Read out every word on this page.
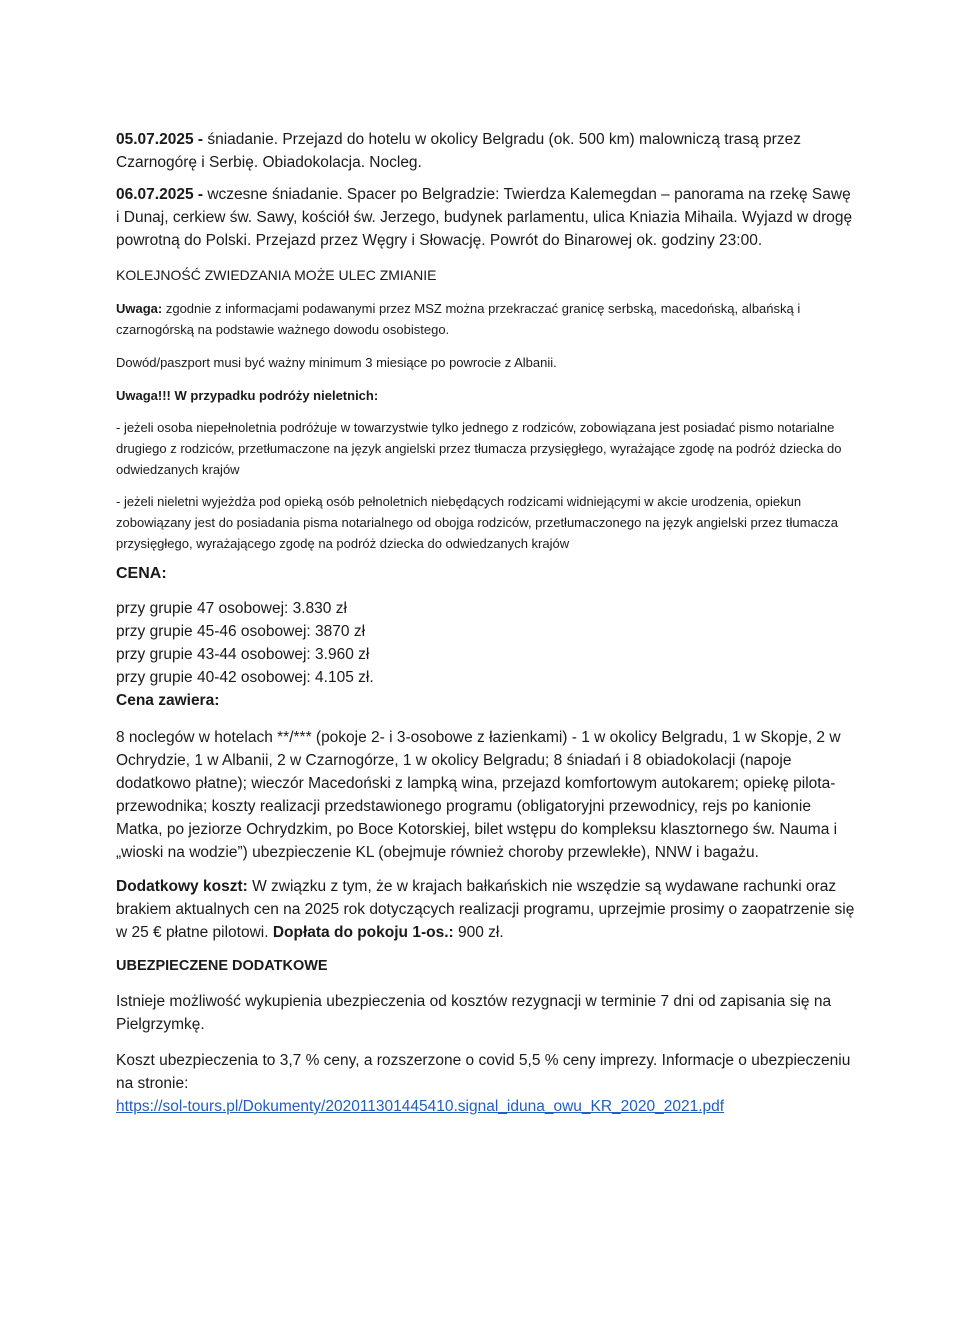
05.07.2025 - śniadanie. Przejazd do hotelu w okolicy Belgradu (ok. 500 km) malowniczą trasą przez Czarnogórę i Serbię. Obiadokolacja. Nocleg.

06.07.2025 - wczesne śniadanie. Spacer po Belgradzie: Twierdza Kalemegdan – panorama na rzekę Sawę i Dunaj, cerkiew św. Sawy, kościół św. Jerzego, budynek parlamentu, ulica Kniazia Mihaila. Wyjazd w drogę powrotną do Polski. Przejazd przez Węgry i Słowację. Powrót do Binarowej ok. godziny 23:00.

KOLEJNOŚĆ ZWIEDZANIA MOŻE ULEC ZMIANIE

Uwaga: zgodnie z informacjami podawanymi przez MSZ można przekraczać granicę serbską, macedońską, albańską i czarnogórską na podstawie ważnego dowodu osobistego.

Dowód/paszport musi być ważny minimum 3 miesiące po powrocie z Albanii.

Uwaga!!! W przypadku podróży nieletnich:

- jeżeli osoba niepełnoletnia podróżuje w towarzystwie tylko jednego z rodziców, zobowiązana jest posiadać pismo notarialne drugiego z rodziców, przetłumaczone na język angielski przez tłumacza przysięgłego, wyrażające zgodę na podróż dziecka do odwiedzanych krajów

- jeżeli nieletni wyjeżdża pod opieką osób pełnoletnich niebędących rodzicami widniejącymi w akcie urodzenia, opiekun zobowiązany jest do posiadania pisma notarialnego od obojga rodziców, przetłumaczonego na język angielski przez tłumacza przysięgłego, wyrażającego zgodę na podróż dziecka do odwiedzanych krajów

CENA:

przy grupie 47 osobowej: 3.830 zł

przy grupie 45-46 osobowej: 3870 zł

przy grupie 43-44 osobowej: 3.960 zł

przy grupie 40-42 osobowej: 4.105 zł.

Cena zawiera:

8 noclegów w hotelach **/*** (pokoje 2- i 3-osobowe z łazienkami) - 1 w okolicy Belgradu, 1 w Skopje, 2 w Ochrydzie, 1 w Albanii, 2 w Czarnogórze, 1 w okolicy Belgradu; 8 śniadań i 8 obiadokolacji (napoje dodatkowo płatne); wieczór Macedoński z lampką wina, przejazd komfortowym autokarem; opiekę pilota-przewodnika; koszty realizacji przedstawionego programu (obligatoryjni przewodnicy, rejs po kanionie Matka, po jeziorze Ochrydzkim, po Boce Kotorskiej, bilet wstępu do kompleksu klasztornego św. Nauma i „wioski na wodzie”) ubezpieczenie KL (obejmuje również choroby przewlekłe), NNW i bagażu.

Dodatkowy koszt: W związku z tym, że w krajach bałkańskich nie wszędzie są wydawane rachunki oraz brakiem aktualnych cen na 2025 rok dotyczących realizacji programu, uprzejmie prosimy o zaopatrzenie się w 25 € płatne pilotowi. Dopłata do pokoju 1-os.: 900 zł.

UBEZPIECZENE DODATKOWE

Istnieje możliwość wykupienia ubezpieczenia od kosztów rezygnacji w terminie 7 dni od zapisania się na Pielgrzymkę.

Koszt ubezpieczenia to 3,7 % ceny, a rozszerzone o covid 5,5 % ceny imprezy. Informacje o ubezpieczeniu na stronie:
https://sol-tours.pl/Dokumenty/202011301445410.signal_iduna_owu_KR_2020_2021.pdf
